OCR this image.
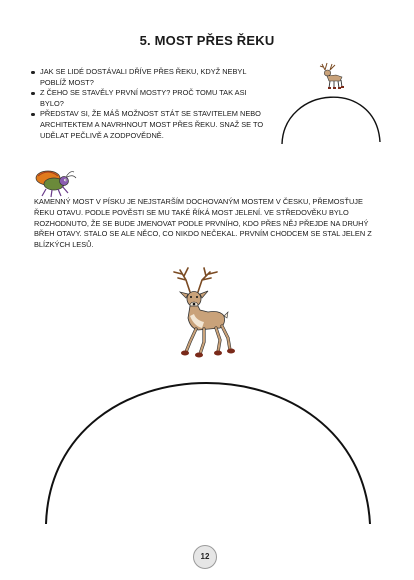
5. MOST PŘES ŘEKU
JAK SE LIDÉ DOSTÁVALI DŘÍVE PŘES ŘEKU, KDYŽ NEBYL POBLÍŽ MOST?
Z ČEHO SE STAVĚLY PRVNÍ MOSTY? PROČ TOMU TAK ASI BYLO?
PŘEDSTAV SI, ŽE MÁŠ MOŽNOST STÁT SE STAVITELEM NEBO ARCHITEKTEM A NAVRHNOUT MOST PŘES ŘEKU. SNAŽ SE TO UDĚLAT PEČLIVĚ A ZODPOVĚDNĚ.

KAMENNÝ MOST V PÍSKU JE NEJSTARŠÍM DOCHOVANÝM MOSTEM V ČESKU, PŘEMOSŤUJE ŘEKU OTAVU. PODLE POVĚSTI SE MU TAKÉ ŘÍKÁ MOST JELENÍ. VE STŘEDOVĚKU BYLO ROZHODNUTO, ŽE SE BUDE JMENOVAT PODLE PRVNÍHO, KDO PŘES NĚJ PŘEJDE NA DRUHÝ BŘEH OTAVY. STALO SE ALE NĚCO, CO NIKDO NEČEKAL. PRVNÍM CHODCEM SE STAL JELEN Z BLÍZKÝCH LESŮ.

12
